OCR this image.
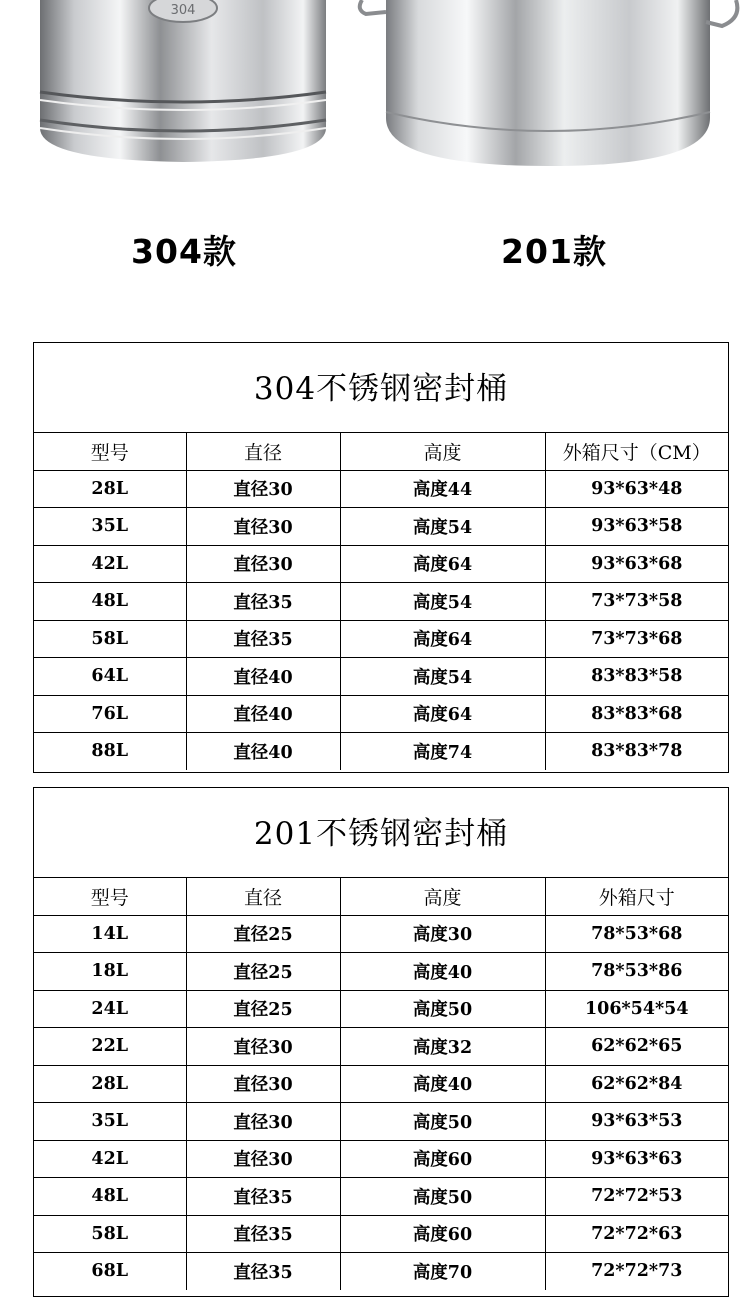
304
304款	201款
304不锈钢密封桶
型号	直径	高度	外箱尺寸（CM）
28L	直径30	高度44	93*63*48
35L	直径30	高度54	93*63*58
42L	直径30	高度64	93*63*68
48L	直径35	高度54	73*73*58
58L	直径35	高度64	73*73*68
64L	直径40	高度54	83*83*58
76L	直径40	高度64	83*83*68
88L	直径40	高度74	83*83*78
201不锈钢密封桶
型号	直径	高度	外箱尺寸
14L	直径25	高度30	78*53*68
18L	直径25	高度40	78*53*86
24L	直径25	高度50	106*54*54
22L	直径30	高度32	62*62*65
28L	直径30	高度40	62*62*84
35L	直径30	高度50	93*63*53
42L	直径30	高度60	93*63*63
48L	直径35	高度50	72*72*53
58L	直径35	高度60	72*72*63
68L	直径35	高度70	72*72*73
